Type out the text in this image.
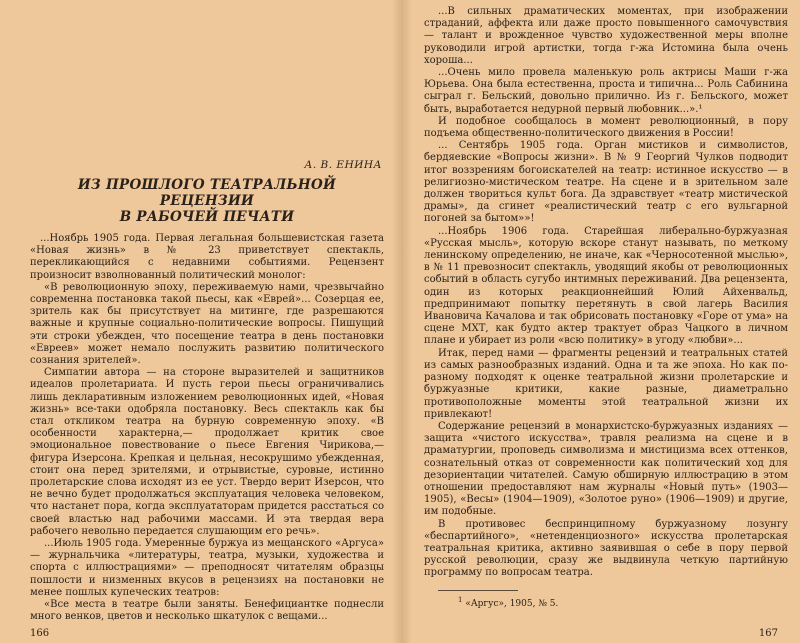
А. В. ЕНИНА
ИЗ ПРОШЛОГО ТЕАТРАЛЬНОЙ РЕЦЕНЗИИ
В РАБОЧЕЙ ПЕЧАТИ

...Ноябрь 1905 года. Первая легальная большевистская газета «Новая жизнь» в № 23 приветствует спектакль, перекликающийся с недавними событиями. Рецензент произносит взволнованный политический монолог:

«В революционную эпоху, переживаемую нами, чрезвычайно современна постановка такой пьесы, как «Еврей»... Созерцая ее, зритель как бы присутствует на митинге, где разрешаются важные и крупные социально-политические вопросы. Пишущий эти строки убежден, что посещение театра в день постановки «Евреев» может немало послужить развитию политического сознания зрителей».

Симпатии автора — на стороне выразителей и защитников идеалов пролетариата. И пусть герои пьесы ограничивались лишь декларативным изложением революционных идей, «Новая жизнь» все-таки одобряла постановку. Весь спектакль как бы стал откликом театра на бурную современную эпоху. «В особенности характерна,— продолжает критик свое эмоциональное повествование о пьесе Евгения Чирикова,— фигура Изерсона. Крепкая и цельная, несокрушимо убежденная, стоит она перед зрителями, и отрывистые, суровые, истинно пролетарские слова исходят из ее уст. Твердо верит Изерсон, что не вечно будет продолжаться эксплуатация человека человеком, что настанет пора, когда эксплуататорам придется расстаться со своей властью над рабочими массами. И эта твердая вера рабочего невольно передается слушающим его речь».

...Июль 1905 года. Умеренные буржуа из мещанского «Аргуса» — журнальчика «литературы, театра, музыки, художества и спорта с иллюстрациями» — преподносят читателям образцы пошлости и низменных вкусов в рецензиях на постановки не менее пошлых купеческих театров:

«Все места в театре были заняты. Бенефициантке поднесли много венков, цветов и несколько шкатулок с вещами...

166

...В сильных драматических моментах, при изображении страданий, аффекта или даже просто повышенного самочувствия — талант и врожденное чувство художественной меры вполне руководили игрой артистки, тогда г-жа Истомина была очень хороша...

...Очень мило провела маленькую роль актрисы Маши г-жа Юрьева. Она была естественна, проста и типична... Роль Сабинина сыграл г. Бельский, довольно прилично. Из г. Бельского, может быть, выработается недурной первый любовник...».¹

И подобное сообщалось в момент революционный, в пору подъема общественно-политического движения в России!

... Сентябрь 1905 года. Орган мистиков и символистов, бердяевские «Вопросы жизни». В № 9 Георгий Чулков подводит итог воззрениям богоискателей на театр: истинное искусство — в религиозно-мистическом театре. На сцене и в зрительном зале должен твориться культ бога. Да здравствует «театр мистической драмы», да сгинет «реалистический театр с его вульгарной погоней за бытом»»!

...Ноябрь 1906 года. Старейшая либерально-буржуазная «Русская мысль», которую вскоре станут называть, по меткому ленинскому определению, не иначе, как «Черносотенной мыслью», в № 11 превозносит спектакль, уводящий якобы от революционных событий в область сугубо интимных переживаний. Два рецензента, один из которых реакционнейший Юлий Айхенвальд, предпринимают попытку перетянуть в свой лагерь Василия Ивановича Качалова и так обрисовать постановку «Горе от ума» на сцене МХТ, как будто актер трактует образ Чацкого в личном плане и убирает из роли «всю политику» в угоду «любви»...

Итак, перед нами — фрагменты рецензий и театральных статей из самых разнообразных изданий. Одна и та же эпоха. Но как по-разному подходят к оценке театральной жизни пролетарские и буржуазные критики, какие разные, диаметрально противоположные моменты этой театральной жизни их привлекают!

Содержание рецензий в монархистско-буржуазных изданиях — защита «чистого искусства», травля реализма на сцене и в драматургии, проповедь символизма и мистицизма всех оттенков, сознательный отказ от современности как политический ход для дезориентации читателей. Самую обширную иллюстрацию в этом отношении предоставляют нам журналы «Новый путь» (1903—1905), «Весы» (1904—1909), «Золотое руно» (1906—1909) и другие, им подобные.

В противовес беспринципному буржуазному лозунгу «беспартийного», «нетенденциозного» искусства пролетарская театральная критика, активно заявившая о себе в пору первой русской революции, сразу же выдвинула четкую партийную программу по вопросам театра.

$^1$ «Аргус», 1905, № 5.
167
